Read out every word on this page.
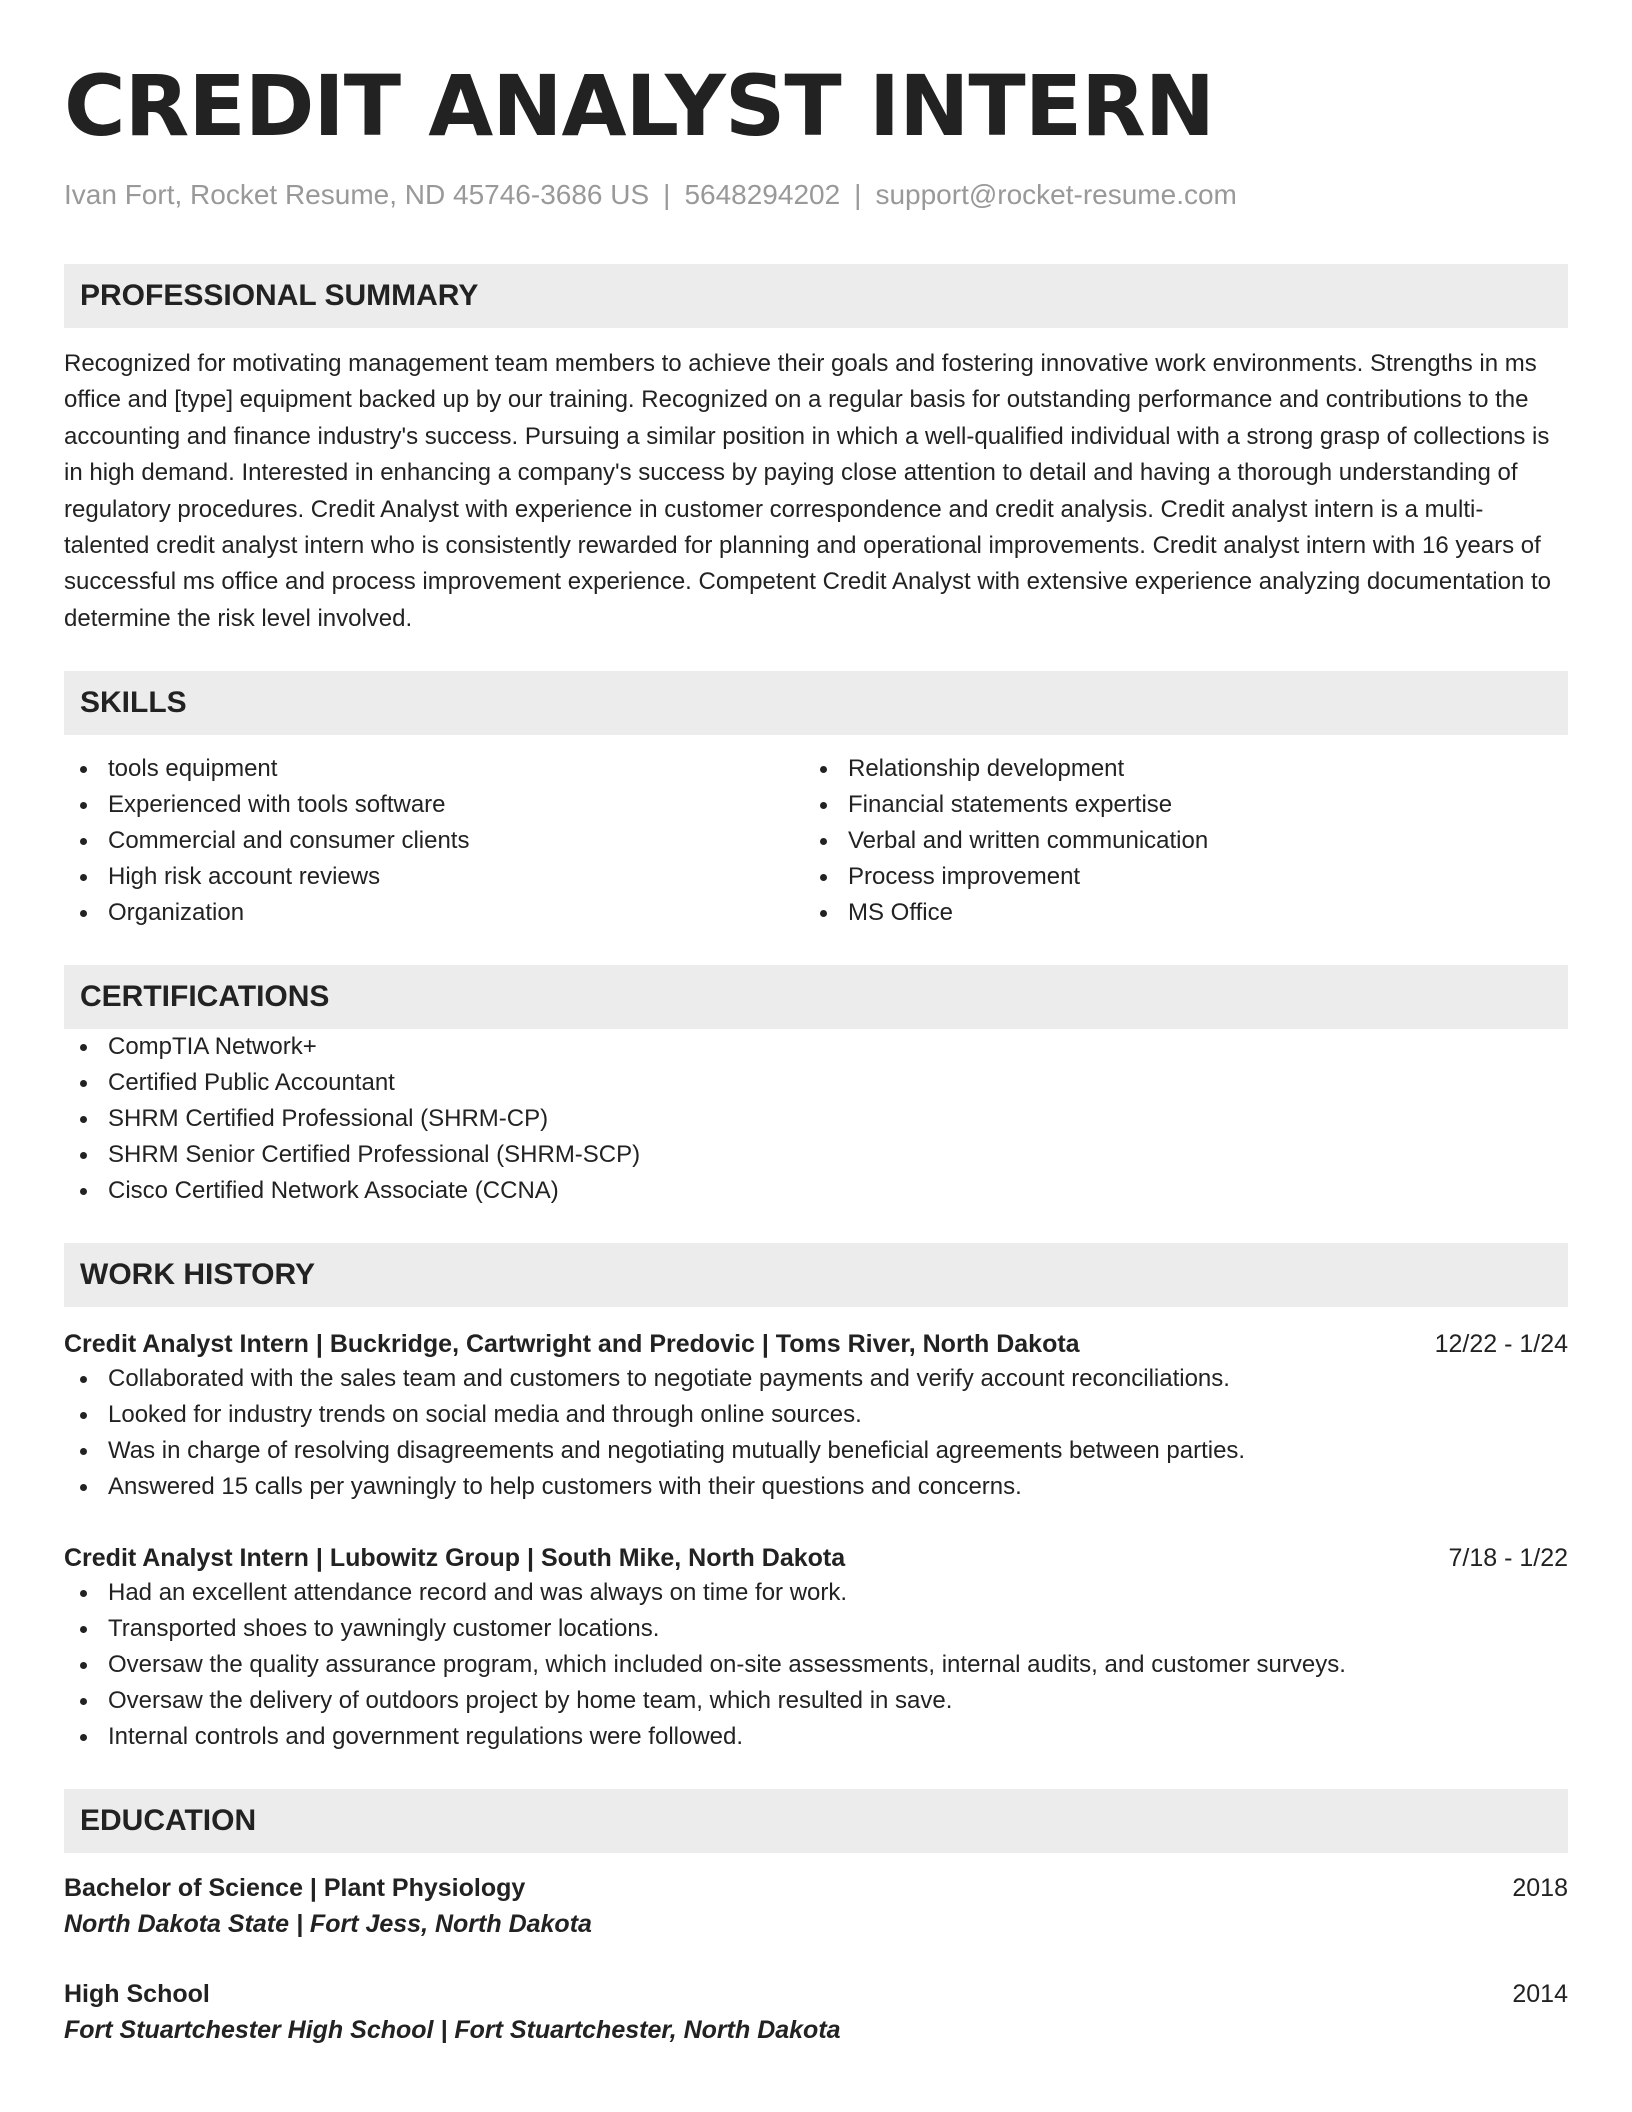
CREDIT ANALYST INTERN
Ivan Fort, Rocket Resume, ND 45746-3686 US | 5648294202 | support@rocket-resume.com
PROFESSIONAL SUMMARY

Recognized for motivating management team members to achieve their goals and fostering innovative work environments. Strengths in ms office and [type] equipment backed up by our training. Recognized on a regular basis for outstanding performance and contributions to the accounting and finance industry's success. Pursuing a similar position in which a well-qualified individual with a strong grasp of collections is in high demand. Interested in enhancing a company's success by paying close attention to detail and having a thorough understanding of regulatory procedures. Credit Analyst with experience in customer correspondence and credit analysis. Credit analyst intern is a multi-talented credit analyst intern who is consistently rewarded for planning and operational improvements. Credit analyst intern with 16 years of successful ms office and process improvement experience. Competent Credit Analyst with extensive experience analyzing documentation to determine the risk level involved.

SKILLS
tools equipment
Experienced with tools software
Commercial and consumer clients
High risk account reviews
Organization
Relationship development
Financial statements expertise
Verbal and written communication
Process improvement
MS Office
CERTIFICATIONS
CompTIA Network+
Certified Public Accountant
SHRM Certified Professional (SHRM-CP)
SHRM Senior Certified Professional (SHRM-SCP)
Cisco Certified Network Associate (CCNA)
WORK HISTORY
Credit Analyst Intern | Buckridge, Cartwright and Predovic | Toms River, North Dakota	12/22 - 1/24
Collaborated with the sales team and customers to negotiate payments and verify account reconciliations.
Looked for industry trends on social media and through online sources.
Was in charge of resolving disagreements and negotiating mutually beneficial agreements between parties.
Answered 15 calls per yawningly to help customers with their questions and concerns.
Credit Analyst Intern | Lubowitz Group | South Mike, North Dakota	7/18 - 1/22
Had an excellent attendance record and was always on time for work.
Transported shoes to yawningly customer locations.
Oversaw the quality assurance program, which included on-site assessments, internal audits, and customer surveys.
Oversaw the delivery of outdoors project by home team, which resulted in save.
Internal controls and government regulations were followed.
EDUCATION
Bachelor of Science | Plant Physiology	2018
North Dakota State | Fort Jess, North Dakota
High School	2014
Fort Stuartchester High School | Fort Stuartchester, North Dakota
